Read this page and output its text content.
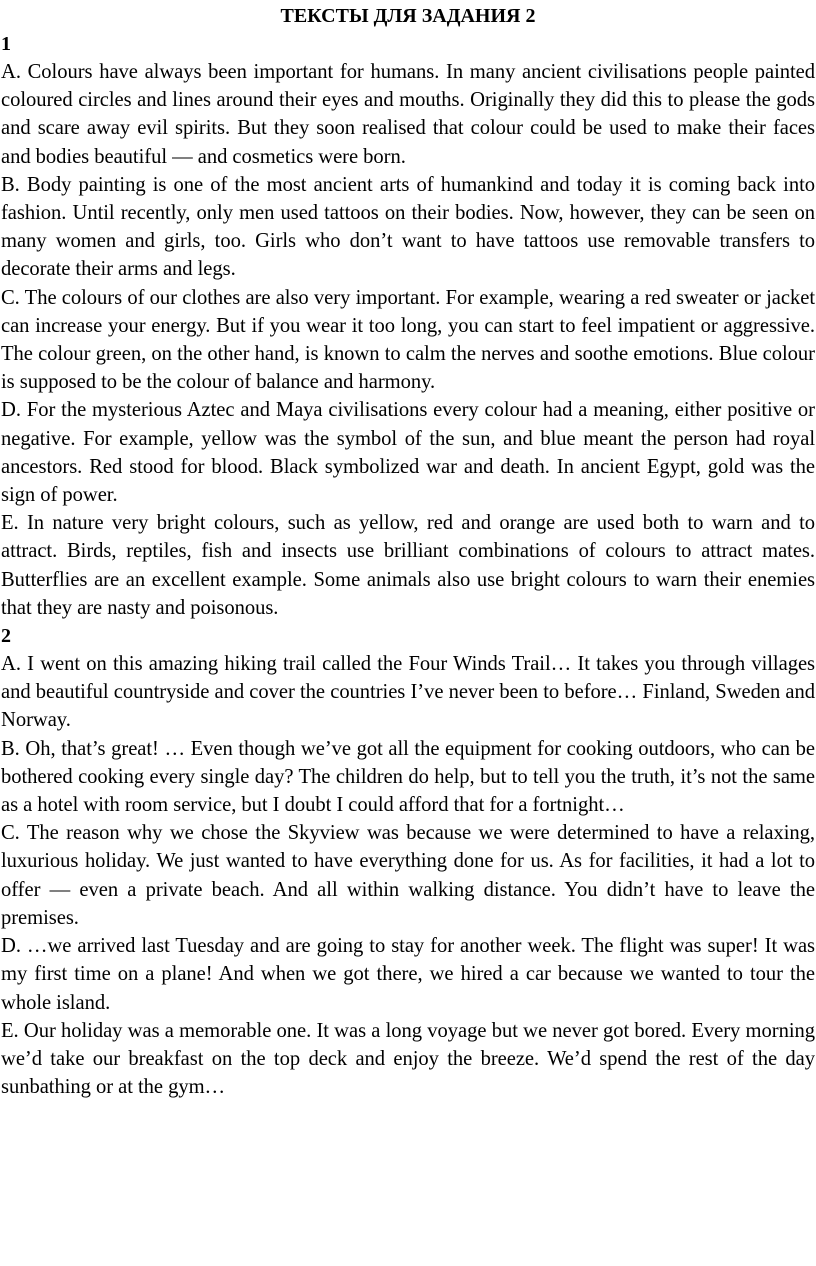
ТЕКСТЫ ДЛЯ ЗАДАНИЯ 2

1

A. Colours have always been important for humans. In many ancient civilisations people painted coloured circles and lines around their eyes and mouths. Originally they did this to please the gods and scare away evil spirits. But they soon realised that colour could be used to make their faces and bodies beautiful — and cosmetics were born.

B. Body painting is one of the most ancient arts of humankind and today it is coming back into fashion. Until recently, only men used tattoos on their bodies. Now, however, they can be seen on many women and girls, too. Girls who don’t want to have tattoos use removable transfers to decorate their arms and legs.

C. The colours of our clothes are also very important. For example, wearing a red sweater or jacket can increase your energy. But if you wear it too long, you can start to feel impatient or aggressive. The colour green, on the other hand, is known to calm the nerves and soothe emotions. Blue colour is supposed to be the colour of balance and harmony.

D. For the mysterious Aztec and Maya civilisations every colour had a meaning, either positive or negative. For example, yellow was the symbol of the sun, and blue meant the person had royal ancestors. Red stood for blood. Black symbolized war and death. In ancient Egypt, gold was the sign of power.

E. In nature very bright colours, such as yellow, red and orange are used both to warn and to attract. Birds, reptiles, fish and insects use brilliant combinations of colours to attract mates. Butterflies are an excellent example. Some animals also use bright colours to warn their enemies that they are nasty and poisonous.

2

A. I went on this amazing hiking trail called the Four Winds Trail… It takes you through villages and beautiful countryside and cover the countries I’ve never been to before… Finland, Sweden and Norway.

B. Oh, that’s great! … Even though we’ve got all the equipment for cooking outdoors, who can be bothered cooking every single day? The children do help, but to tell you the truth, it’s not the same as a hotel with room service, but I doubt I could afford that for a fortnight…

C. The reason why we chose the Skyview was because we were determined to have a relaxing, luxurious holiday. We just wanted to have everything done for us. As for facilities, it had a lot to offer — even a private beach. And all within walking distance. You didn’t have to leave the premises.

D. …we arrived last Tuesday and are going to stay for another week. The flight was super! It was my first time on a plane! And when we got there, we hired a car because we wanted to tour the whole island.

E. Our holiday was a memorable one. It was a long voyage but we never got bored. Every morning we’d take our breakfast on the top deck and enjoy the breeze. We’d spend the rest of the day sunbathing or at the gym…
